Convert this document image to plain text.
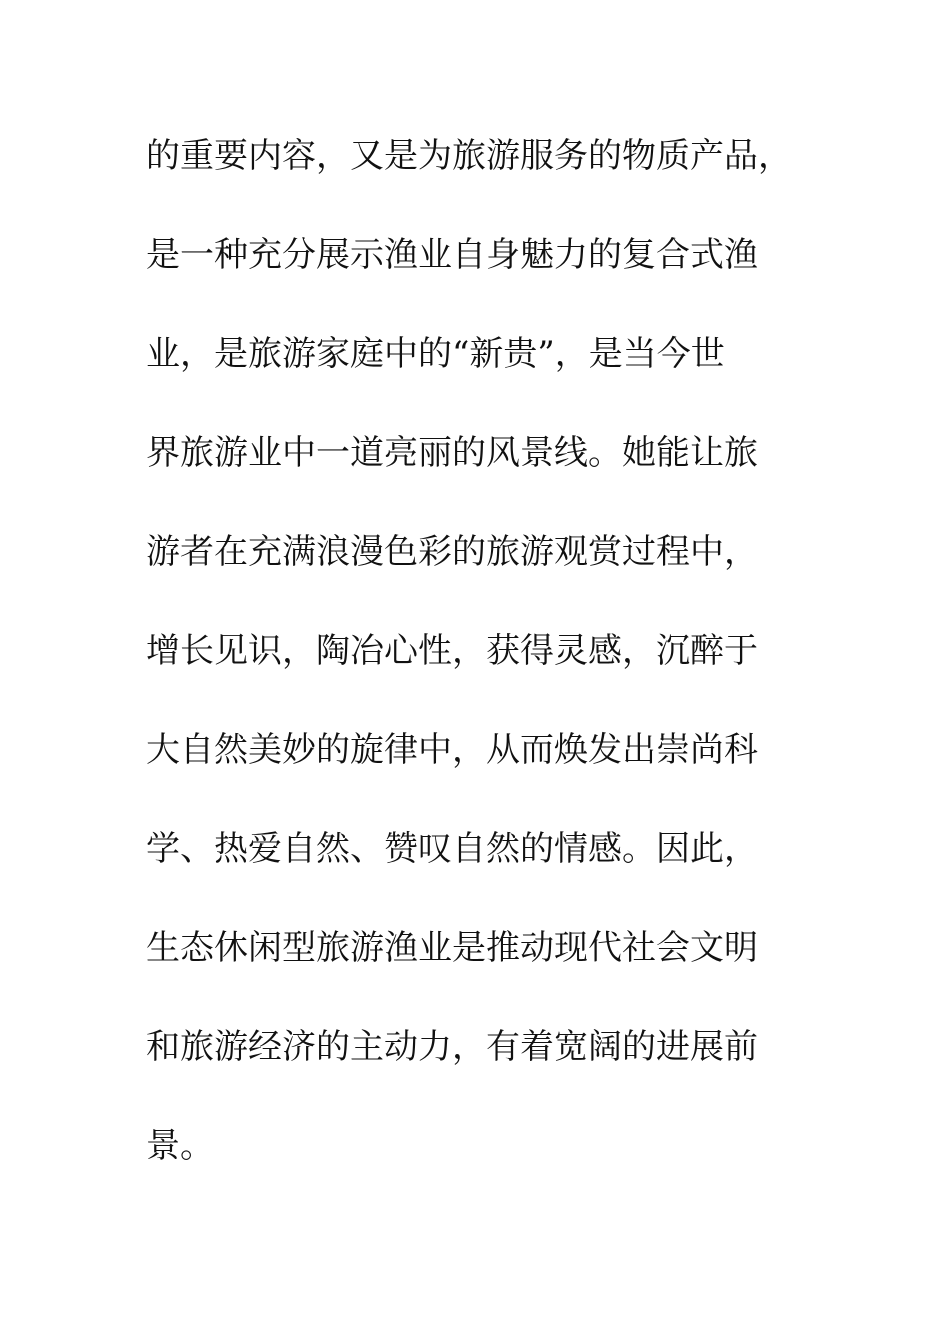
的重要内容，又是为旅游服务的物质产品，
是一种充分展示渔业自身魅力的复合式渔
业，是旅游家庭中的“新贵”，是当今世
界旅游业中一道亮丽的风景线。她能让旅
游者在充满浪漫色彩的旅游观赏过程中，
增长见识，陶冶心性，获得灵感，沉醉于
大自然美妙的旋律中，从而焕发出崇尚科
学、热爱自然、赞叹自然的情感。因此，
生态休闲型旅游渔业是推动现代社会文明
和旅游经济的主动力，有着宽阔的进展前
景。
